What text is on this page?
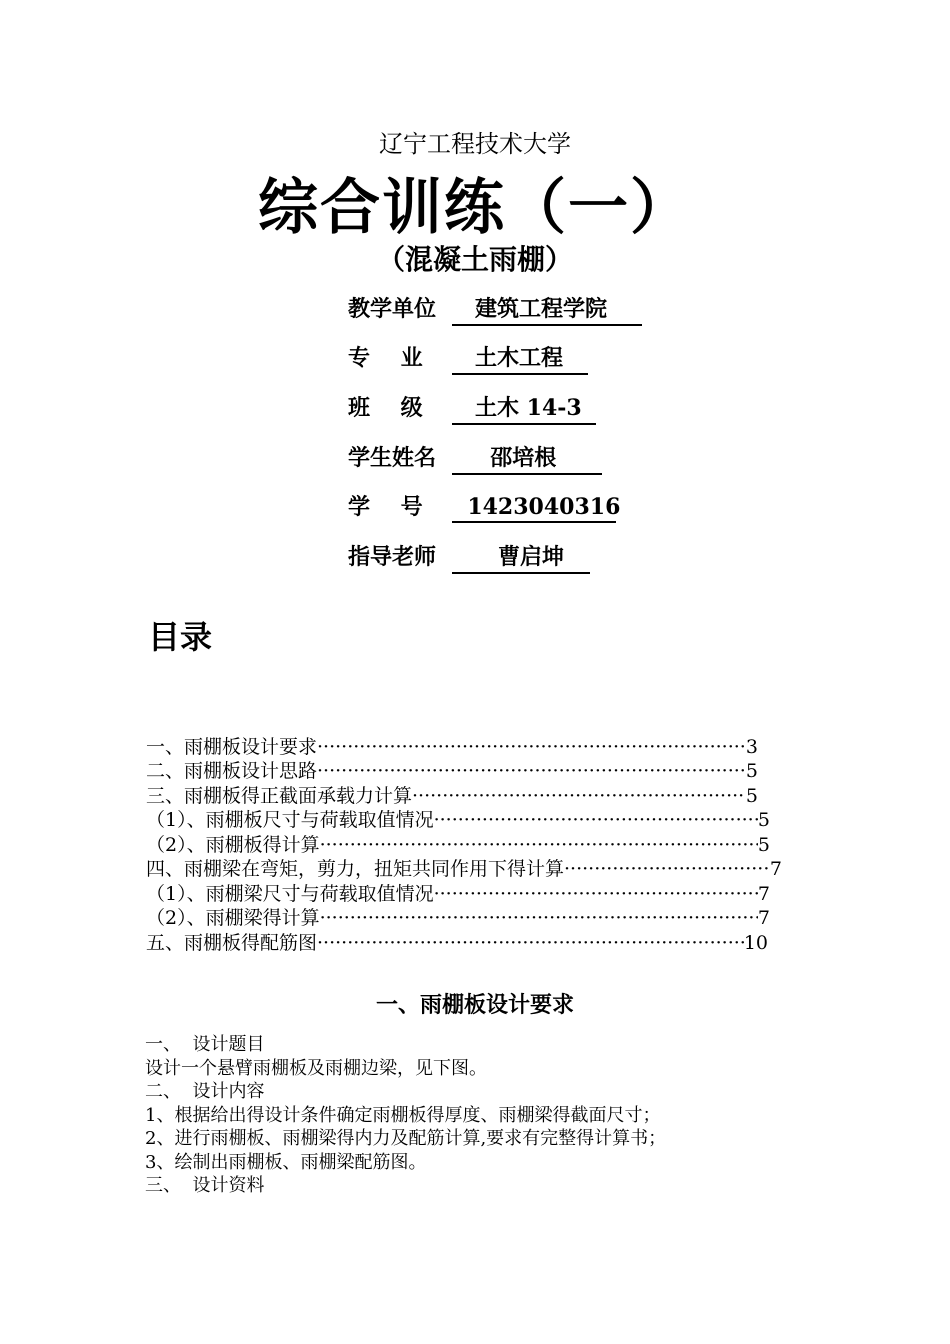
辽宁工程技术大学
综合训练（一）
（混凝土雨棚）
教学单位 建筑工程学院
专    业	土木工程
班    级	土木 14-3
学生姓名 邵培根
学    号	1423040316
指导老师 曹启坤
目录
一、雨棚板设计要求 ·····	3
二、雨棚板设计思路 ·····	5
三、雨棚板得正截面承载力计算 ·····	5
（1）、雨棚板尺寸与荷载取值情况 ·····	5
（2）、雨棚板得计算 ·····	5
四、雨棚梁在弯矩，剪力，扭矩共同作用下得计算 ·····	7
（1）、雨棚梁尺寸与荷载取值情况 ·····	7
（2）、雨棚梁得计算 ·····	7
五、雨棚板得配筋图 ·····	10
一、雨棚板设计要求
一、  设计题目
设计一个悬臂雨棚板及雨棚边梁，见下图。
二、  设计内容
1、根据给出得设计条件确定雨棚板得厚度、雨棚梁得截面尺寸；
2、进行雨棚板、雨棚梁得内力及配筋计算,要求有完整得计算书；
3、绘制出雨棚板、雨棚梁配筋图。
三、  设计资料
